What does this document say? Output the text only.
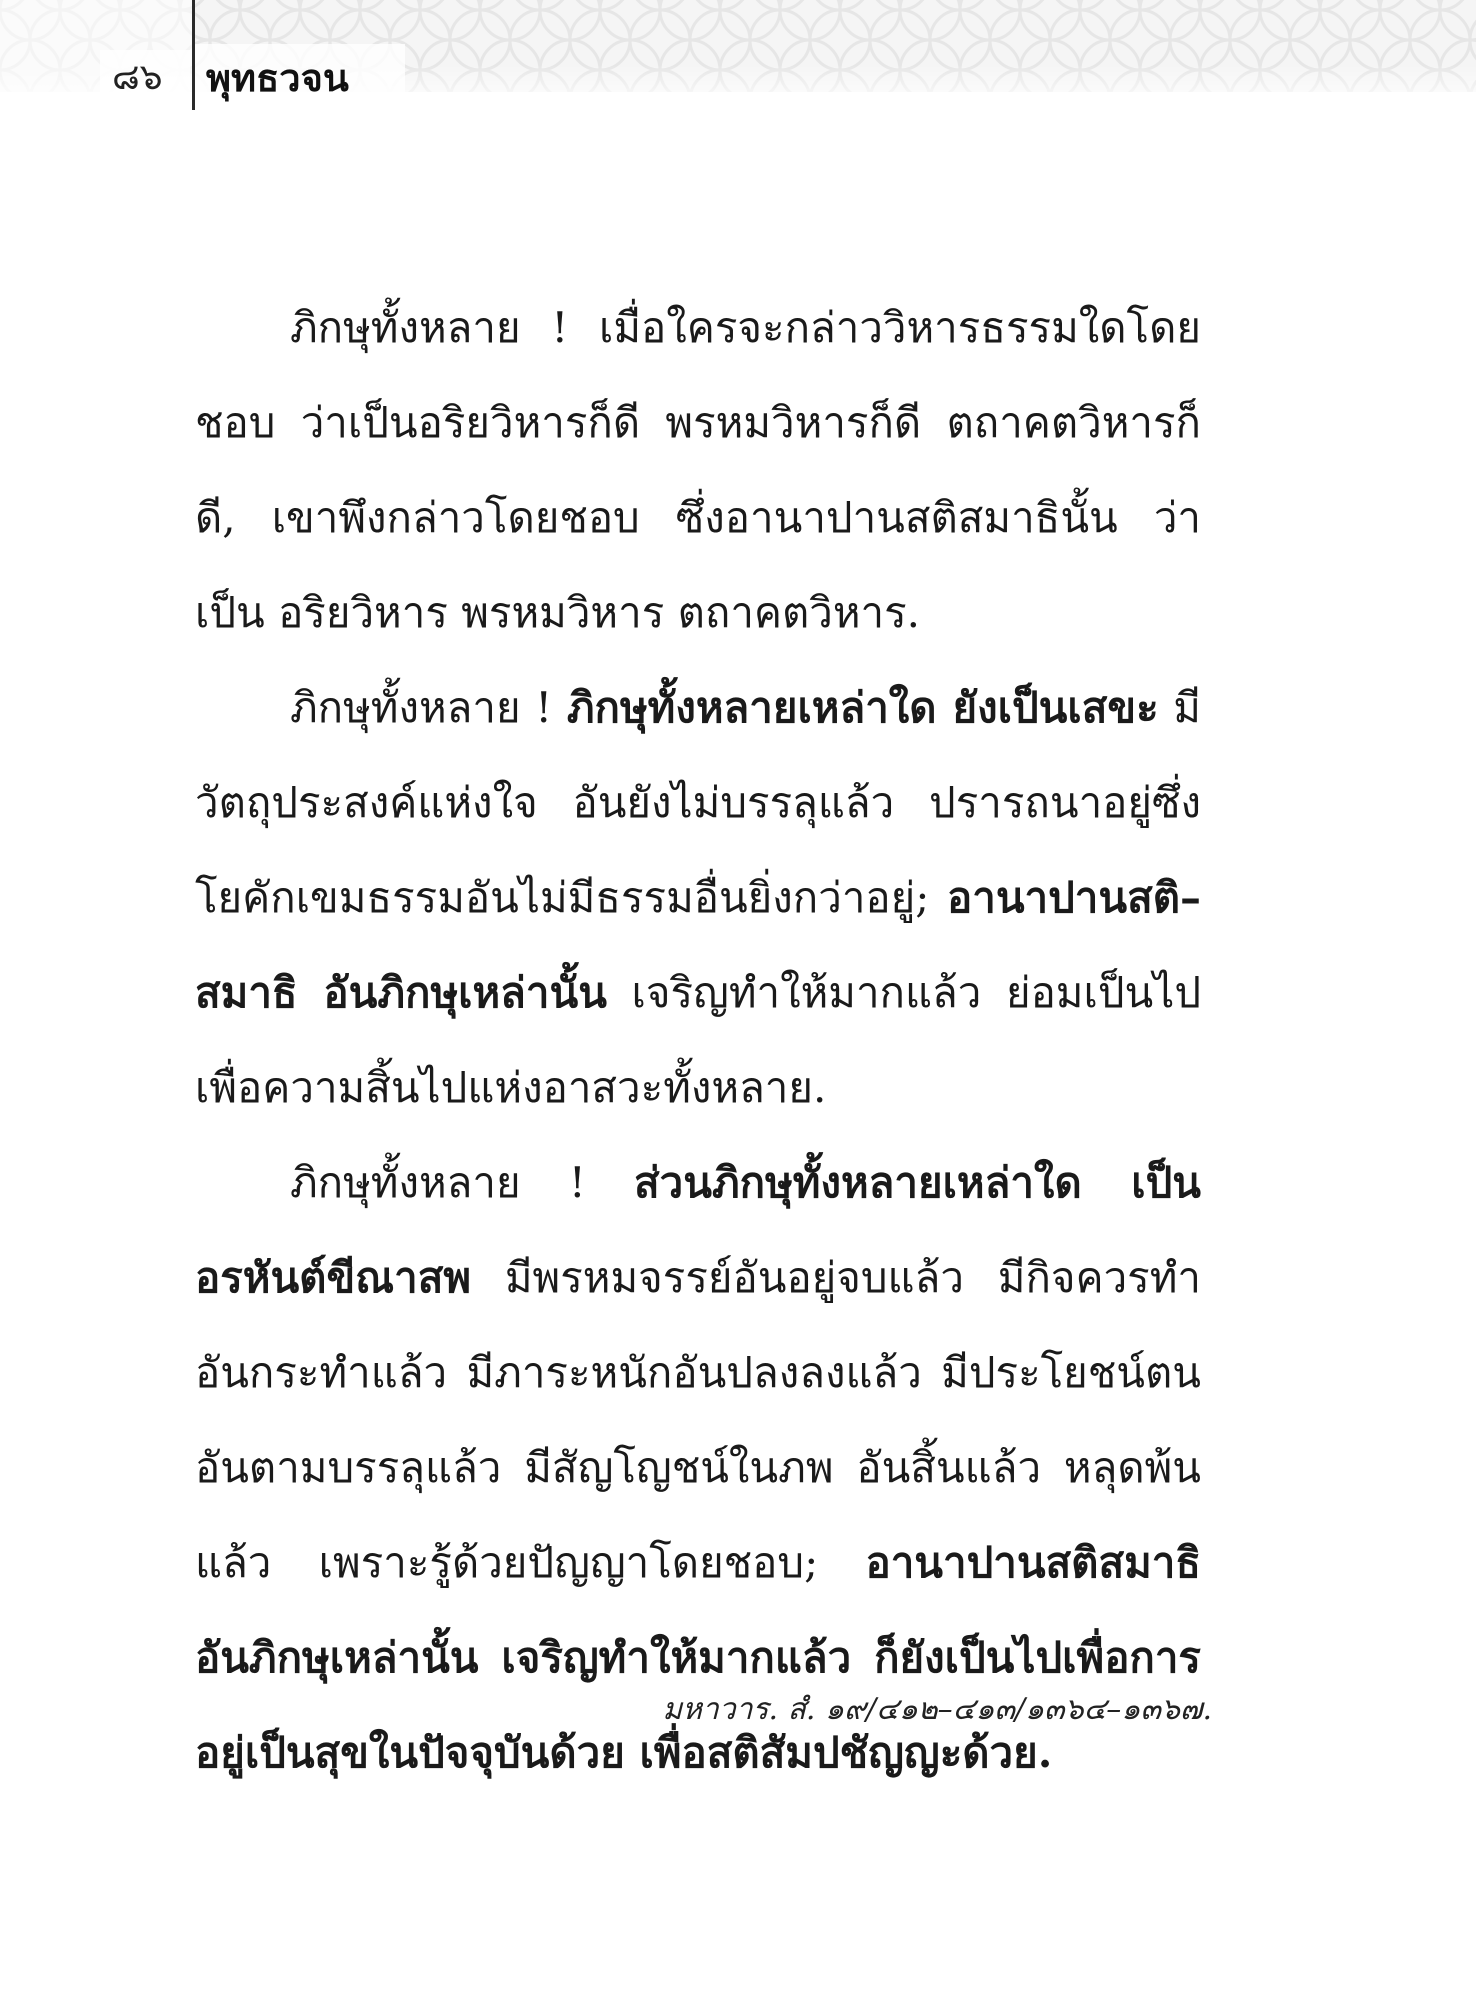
๘๖ พุทธวจน

ภิกษุทั้งหลาย ! เมื่อใครจะกล่าววิหารธรรมใดโดยชอบ ว่าเป็นอริยวิหารก็ดี พรหมวิหารก็ดี ตถาคตวิหารก็ดี, เขาพึงกล่าวโดยชอบ ซึ่งอานาปานสติสมาธินั้น ว่าเป็น อริยวิหาร พรหมวิหาร ตถาคตวิหาร.

ภิกษุทั้งหลาย ! ภิกษุทั้งหลายเหล่าใด ยังเป็นเสขะ มีวัตถุประสงค์แห่งใจ อันยังไม่บรรลุแล้ว ปรารถนาอยู่ซึ่งโยคักเขมธรรมอันไม่มีธรรมอื่นยิ่งกว่าอยู่; อานาปานสติ–สมาธิ อันภิกษุเหล่านั้น เจริญทำให้มากแล้ว ย่อมเป็นไปเพื่อความสิ้นไปแห่งอาสวะทั้งหลาย.

ภิกษุทั้งหลาย ! ส่วนภิกษุทั้งหลายเหล่าใด เป็นอรหันต์ขีณาสพ มีพรหมจรรย์อันอยู่จบแล้ว มีกิจควรทำ อันกระทำแล้ว มีภาระหนักอันปลงลงแล้ว มีประโยชน์ตน อันตามบรรลุแล้ว มีสัญโญชน์ในภพ อันสิ้นแล้ว หลุดพ้น แล้ว เพราะรู้ด้วยปัญญาโดยชอบ; อานาปานสติสมาธิ อันภิกษุเหล่านั้น เจริญทำให้มากแล้ว ก็ยังเป็นไปเพื่อการอยู่เป็นสุขในปัจจุบันด้วย เพื่อสติสัมปชัญญะด้วย.

มหาวาร. สํ. ๑๙/๔๑๒–๔๑๓/๑๓๖๔–๑๓๖๗.
